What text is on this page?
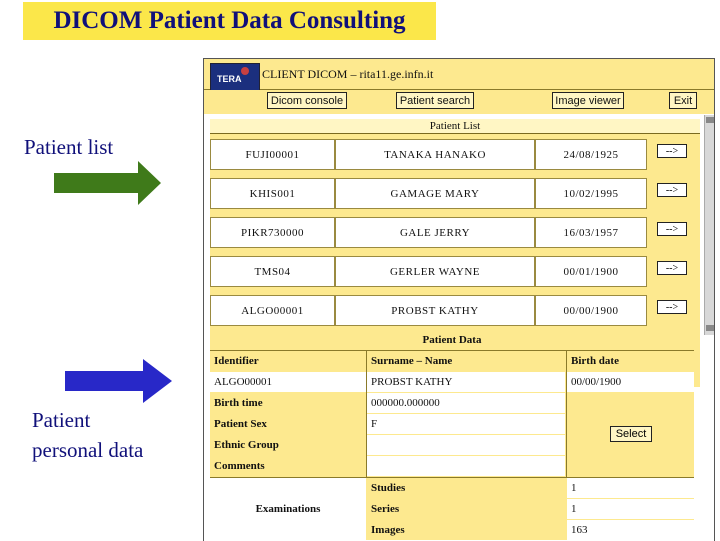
DICOM Patient Data Consulting
Patient list
Patient
personal data
TERA CLIENT DICOM – rita11.ge.infn.it
Dicom console	Patient search	Image viewer	Exit
Patient List
FUJI00001	TANAKA HANAKO	24/08/1925	-->
KHIS001	GAMAGE MARY	10/02/1995	-->
PIKR730000	GALE JERRY	16/03/1957	-->
TMS04	GERLER WAYNE	00/01/1900	-->
ALGO00001	PROBST KATHY	00/00/1900	-->
Patient Data
Identifier	Surname – Name	Birth date
ALGO00001	PROBST KATHY	00/00/1900
Birth time	000000.000000
Patient Sex	F
Ethnic Group
Comments
Select
Examinations
Studies	1
Series	1
Images	163
